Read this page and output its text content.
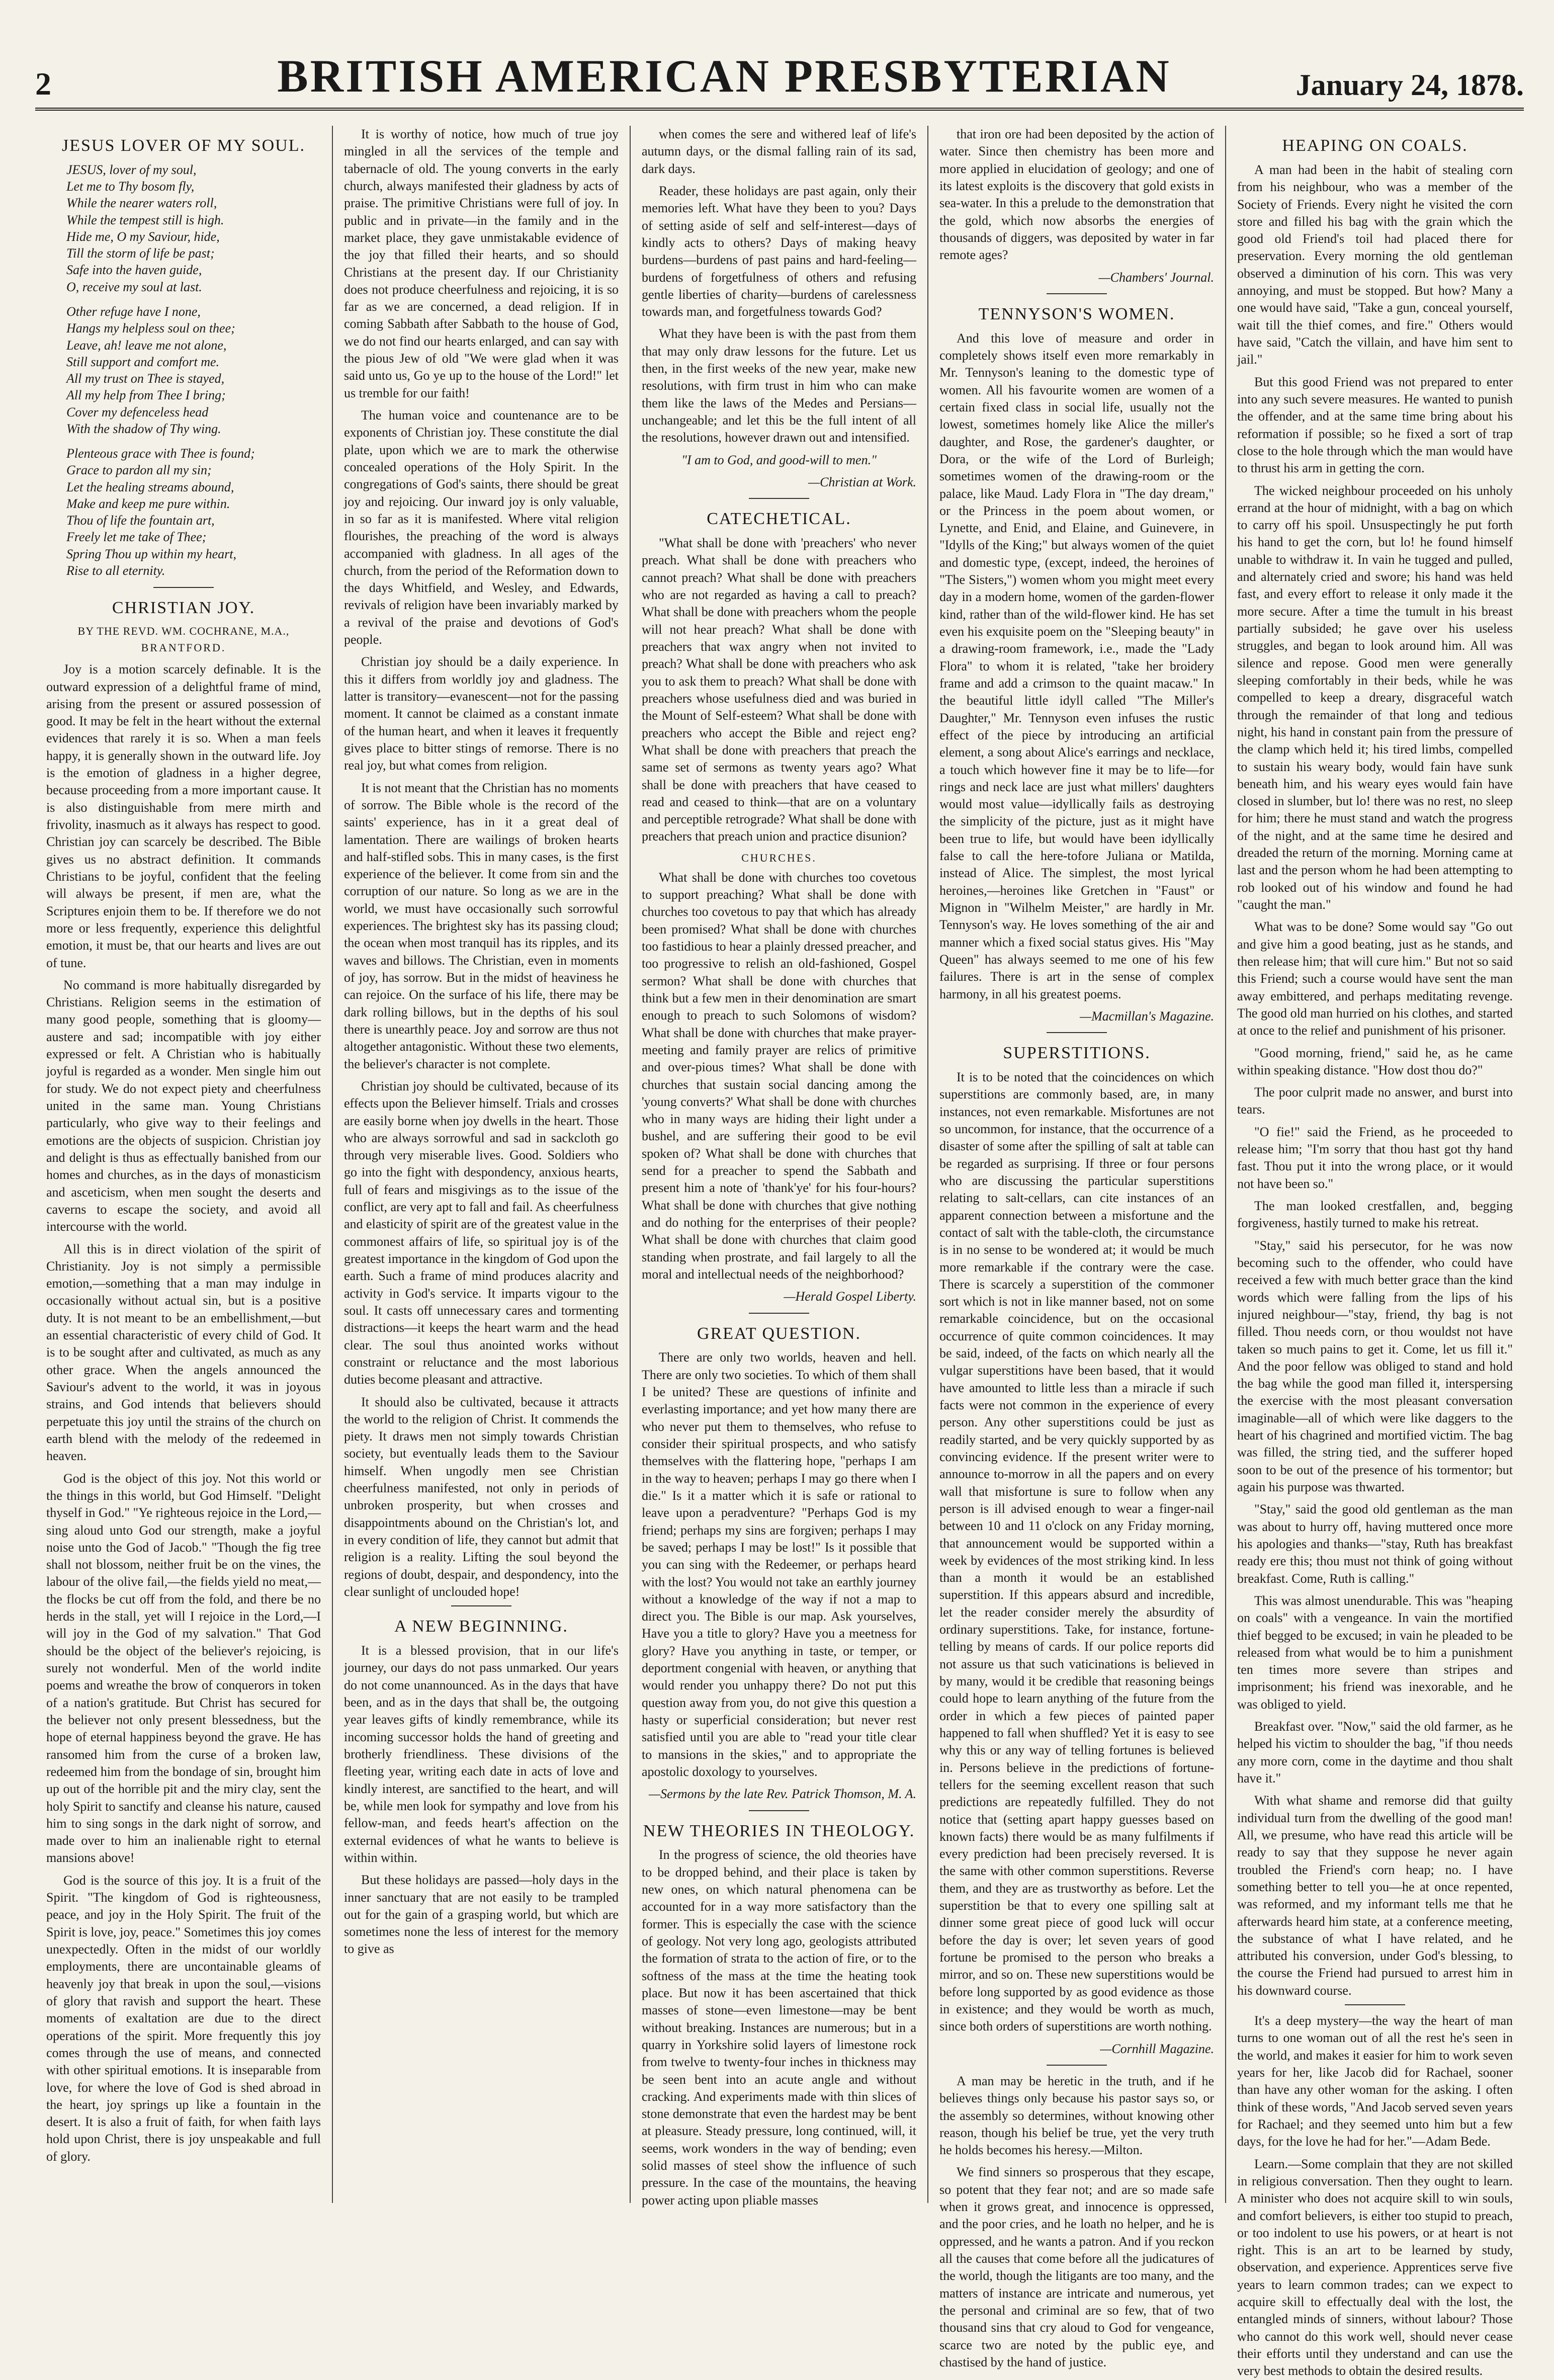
2	BRITISH AMERICAN PRESBYTERIAN	January 24, 1878.
JESUS LOVER OF MY SOUL.
JESUS, lover of my soul,
Let me to Thy bosom fly,
While the nearer waters roll,
While the tempest still is high.
Hide me, O my Saviour, hide,
Till the storm of life be past;
Safe into the haven guide,
O, receive my soul at last.
Other refuge have I none,
Hangs my helpless soul on thee;
Leave, ah! leave me not alone,
Still support and comfort me.
All my trust on Thee is stayed,
All my help from Thee I bring;
Cover my defenceless head
With the shadow of Thy wing.
Plenteous grace with Thee is found;
Grace to pardon all my sin;
Let the healing streams abound,
Make and keep me pure within.
Thou of life the fountain art,
Freely let me take of Thee;
Spring Thou up within my heart,
Rise to all eternity.
CHRISTIAN JOY.
BY THE REVD. WM. COCHRANE, M.A.,
BRANTFORD.

Joy is a motion scarcely definable. It is the outward expression of a delightful frame of mind, arising from the present or assured possession of good. It may be felt in the heart without the external evidences that rarely it is so. When a man feels happy, it is generally shown in the outward life. Joy is the emotion of gladness in a higher degree, because proceeding from a more important cause. It is also distinguishable from mere mirth and frivolity, inasmuch as it always has respect to good. Christian joy can scarcely be described. The Bible gives us no abstract definition. It commands Christians to be joyful, confident that the feeling will always be present, if men are, what the Scriptures enjoin them to be. If therefore we do not more or less frequently, experience this delightful emotion, it must be, that our hearts and lives are out of tune.

No command is more habitually disregarded by Christians. Religion seems in the estimation of many good people, something that is gloomy—austere and sad; incompatible with joy either expressed or felt. A Christian who is habitually joyful is regarded as a wonder. Men single him out for study. We do not expect piety and cheerfulness united in the same man. Young Christians particularly, who give way to their feelings and emotions are the objects of suspicion. Christian joy and delight is thus as effectually banished from our homes and churches, as in the days of monasticism and asceticism, when men sought the deserts and caverns to escape the society, and avoid all intercourse with the world.

All this is in direct violation of the spirit of Christianity. Joy is not simply a permissible emotion,—something that a man may indulge in occasionally without actual sin, but is a positive duty. It is not meant to be an embellishment,—but an essential characteristic of every child of God. It is to be sought after and cultivated, as much as any other grace. When the angels announced the Saviour's advent to the world, it was in joyous strains, and God intends that believers should perpetuate this joy until the strains of the church on earth blend with the melody of the redeemed in heaven.

God is the object of this joy. Not this world or the things in this world, but God Himself. "Delight thyself in God." "Ye righteous rejoice in the Lord,—sing aloud unto God our strength, make a joyful noise unto the God of Jacob." "Though the fig tree shall not blossom, neither fruit be on the vines, the labour of the olive fail,—the fields yield no meat,—the flocks be cut off from the fold, and there be no herds in the stall, yet will I rejoice in the Lord,—I will joy in the God of my salvation." That God should be the object of the believer's rejoicing, is surely not wonderful. Men of the world indite poems and wreathe the brow of conquerors in token of a nation's gratitude. But Christ has secured for the believer not only present blessedness, but the hope of eternal happiness beyond the grave. He has ransomed him from the curse of a broken law, redeemed him from the bondage of sin, brought him up out of the horrible pit and the miry clay, sent the holy Spirit to sanctify and cleanse his nature, caused him to sing songs in the dark night of sorrow, and made over to him an inalienable right to eternal mansions above!

God is the source of this joy. It is a fruit of the Spirit. "The kingdom of God is righteousness, peace, and joy in the Holy Spirit. The fruit of the Spirit is love, joy, peace." Sometimes this joy comes unexpectedly. Often in the midst of our worldly employments, there are uncontainable gleams of heavenly joy that break in upon the soul,—visions of glory that ravish and support the heart. These moments of exaltation are due to the direct operations of the spirit. More frequently this joy comes through the use of means, and connected with other spiritual emotions. It is inseparable from love, for where the love of God is shed abroad in the heart, joy springs up like a fountain in the desert. It is also a fruit of faith, for when faith lays hold upon Christ, there is joy unspeakable and full of glory.

It is worthy of notice, how much of true joy mingled in all the services of the temple and tabernacle of old. The young converts in the early church, always manifested their gladness by acts of praise. The primitive Christians were full of joy. In public and in private—in the family and in the market place, they gave unmistakable evidence of the joy that filled their hearts, and so should Christians at the present day. If our Christianity does not produce cheerfulness and rejoicing, it is so far as we are concerned, a dead religion. If in coming Sabbath after Sabbath to the house of God, we do not find our hearts enlarged, and can say with the pious Jew of old "We were glad when it was said unto us, Go ye up to the house of the Lord!" let us tremble for our faith!

The human voice and countenance are to be exponents of Christian joy. These constitute the dial plate, upon which we are to mark the otherwise concealed operations of the Holy Spirit. In the congregations of God's saints, there should be great joy and rejoicing. Our inward joy is only valuable, in so far as it is manifested. Where vital religion flourishes, the preaching of the word is always accompanied with gladness. In all ages of the church, from the period of the Reformation down to the days Whitfield, and Wesley, and Edwards, revivals of religion have been invariably marked by a revival of the praise and devotions of God's people.

Christian joy should be a daily experience. In this it differs from worldly joy and gladness. The latter is transitory—evanescent—not for the passing moment. It cannot be claimed as a constant inmate of the human heart, and when it leaves it frequently gives place to bitter stings of remorse. There is no real joy, but what comes from religion.

It is not meant that the Christian has no moments of sorrow. The Bible whole is the record of the saints' experience, has in it a great deal of lamentation. There are wailings of broken hearts and half-stifled sobs. This in many cases, is the first experience of the believer. It come from sin and the corruption of our nature. So long as we are in the world, we must have occasionally such sorrowful experiences. The brightest sky has its passing cloud; the ocean when most tranquil has its ripples, and its waves and billows. The Christian, even in moments of joy, has sorrow. But in the midst of heaviness he can rejoice. On the surface of his life, there may be dark rolling billows, but in the depths of his soul there is unearthly peace. Joy and sorrow are thus not altogether antagonistic. Without these two elements, the believer's character is not complete.

Christian joy should be cultivated, because of its effects upon the Believer himself. Trials and crosses are easily borne when joy dwells in the heart. Those who are always sorrowful and sad in sackcloth go through very miserable lives. Good. Soldiers who go into the fight with despondency, anxious hearts, full of fears and misgivings as to the issue of the conflict, are very apt to fall and fail. As cheerfulness and elasticity of spirit are of the greatest value in the commonest affairs of life, so spiritual joy is of the greatest importance in the kingdom of God upon the earth. Such a frame of mind produces alacrity and activity in God's service. It imparts vigour to the soul. It casts off unnecessary cares and tormenting distractions—it keeps the heart warm and the head clear. The soul thus anointed works without constraint or reluctance and the most laborious duties become pleasant and attractive.

It should also be cultivated, because it attracts the world to the religion of Christ. It commends the piety. It draws men not simply towards Christian society, but eventually leads them to the Saviour himself. When ungodly men see Christian cheerfulness manifested, not only in periods of unbroken prosperity, but when crosses and disappointments abound on the Christian's lot, and in every condition of life, they cannot but admit that religion is a reality. Lifting the soul beyond the regions of doubt, despair, and despondency, into the clear sunlight of unclouded hope!

A NEW BEGINNING.

It is a blessed provision, that in our life's journey, our days do not pass unmarked. Our years do not come unannounced. As in the days that have been, and as in the days that shall be, the outgoing year leaves gifts of kindly remembrance, while its incoming successor holds the hand of greeting and brotherly friendliness. These divisions of the fleeting year, writing each date in acts of love and kindly interest, are sanctified to the heart, and will be, while men look for sympathy and love from his fellow-man, and feeds heart's affection on the external evidences of what he wants to believe is within within.

But these holidays are passed—holy days in the inner sanctuary that are not easily to be trampled out for the gain of a grasping world, but which are sometimes none the less of interest for the memory to give as

when comes the sere and withered leaf of life's autumn days, or the dismal falling rain of its sad, dark days.

Reader, these holidays are past again, only their memories left. What have they been to you? Days of setting aside of self and self-interest—days of kindly acts to others? Days of making heavy burdens—burdens of past pains and hard-feeling—burdens of forgetfulness of others and refusing gentle liberties of charity—burdens of carelessness towards man, and forgetfulness towards God?

What they have been is with the past from them that may only draw lessons for the future. Let us then, in the first weeks of the new year, make new resolutions, with firm trust in him who can make them like the laws of the Medes and Persians—unchangeable; and let this be the full intent of all the resolutions, however drawn out and intensified.

"I am to God, and good-will to men."

—Christian at Work.
CATECHETICAL.

"What shall be done with 'preachers' who never preach. What shall be done with preachers who cannot preach? What shall be done with preachers who are not regarded as having a call to preach? What shall be done with preachers whom the people will not hear preach? What shall be done with preachers that wax angry when not invited to preach? What shall be done with preachers who ask you to ask them to preach? What shall be done with preachers whose usefulness died and was buried in the Mount of Self-esteem? What shall be done with preachers who accept the Bible and reject eng? What shall be done with preachers that preach the same set of sermons as twenty years ago? What shall be done with preachers that have ceased to read and ceased to think—that are on a voluntary and perceptible retrograde? What shall be done with preachers that preach union and practice disunion?

CHURCHES.

What shall be done with churches too covetous to support preaching? What shall be done with churches too covetous to pay that which has already been promised? What shall be done with churches too fastidious to hear a plainly dressed preacher, and too progressive to relish an old-fashioned, Gospel sermon? What shall be done with churches that think but a few men in their denomination are smart enough to preach to such Solomons of wisdom? What shall be done with churches that make prayer-meeting and family prayer are relics of primitive and over-pious times? What shall be done with churches that sustain social dancing among the 'young converts?' What shall be done with churches who in many ways are hiding their light under a bushel, and are suffering their good to be evil spoken of? What shall be done with churches that send for a preacher to spend the Sabbath and present him a note of 'thank'ye' for his four-hours? What shall be done with churches that give nothing and do nothing for the enterprises of their people? What shall be done with churches that claim good standing when prostrate, and fail largely to all the moral and intellectual needs of the neighborhood?

—Herald Gospel Liberty.
GREAT QUESTION.

There are only two worlds, heaven and hell. There are only two societies. To which of them shall I be united? These are questions of infinite and everlasting importance; and yet how many there are who never put them to themselves, who refuse to consider their spiritual prospects, and who satisfy themselves with the flattering hope, "perhaps I am in the way to heaven; perhaps I may go there when I die." Is it a matter which it is safe or rational to leave upon a peradventure? "Perhaps God is my friend; perhaps my sins are forgiven; perhaps I may be saved; perhaps I may be lost!" Is it possible that you can sing with the Redeemer, or perhaps heard with the lost? You would not take an earthly journey without a knowledge of the way if not a map to direct you. The Bible is our map. Ask yourselves, Have you a title to glory? Have you a meetness for glory? Have you anything in taste, or temper, or deportment congenial with heaven, or anything that would render you unhappy there? Do not put this question away from you, do not give this question a hasty or superficial consideration; but never rest satisfied until you are able to "read your title clear to mansions in the skies," and to appropriate the apostolic doxology to yourselves.

—Sermons by the late Rev. Patrick Thomson, M. A.
NEW THEORIES IN THEOLOGY.

In the progress of science, the old theories have to be dropped behind, and their place is taken by new ones, on which natural phenomena can be accounted for in a way more satisfactory than the former. This is especially the case with the science of geology. Not very long ago, geologists attributed the formation of strata to the action of fire, or to the softness of the mass at the time the heating took place. But now it has been ascertained that thick masses of stone—even limestone—may be bent without breaking. Instances are numerous; but in a quarry in Yorkshire solid layers of limestone rock from twelve to twenty-four inches in thickness may be seen bent into an acute angle and without cracking. And experiments made with thin slices of stone demonstrate that even the hardest may be bent at pleasure. Steady pressure, long continued, will, it seems, work wonders in the way of bending; even solid masses of steel show the influence of such pressure. In the case of the mountains, the heaving power acting upon pliable masses

that iron ore had been deposited by the action of water. Since then chemistry has been more and more applied in elucidation of geology; and one of its latest exploits is the discovery that gold exists in sea-water. In this a prelude to the demonstration that the gold, which now absorbs the energies of thousands of diggers, was deposited by water in far remote ages?

—Chambers' Journal.
TENNYSON'S WOMEN.

And this love of measure and order in completely shows itself even more remarkably in Mr. Tennyson's leaning to the domestic type of women. All his favourite women are women of a certain fixed class in social life, usually not the lowest, sometimes homely like Alice the miller's daughter, and Rose, the gardener's daughter, or Dora, or the wife of the Lord of Burleigh; sometimes women of the drawing-room or the palace, like Maud. Lady Flora in "The day dream," or the Princess in the poem about women, or Lynette, and Enid, and Elaine, and Guinevere, in "Idylls of the King;" but always women of the quiet and domestic type, (except, indeed, the heroines of "The Sisters,") women whom you might meet every day in a modern home, women of the garden-flower kind, rather than of the wild-flower kind. He has set even his exquisite poem on the "Sleeping beauty" in a drawing-room framework, i.e., made the "Lady Flora" to whom it is related, "take her broidery frame and add a crimson to the quaint macaw." In the beautiful little idyll called "The Miller's Daughter," Mr. Tennyson even infuses the rustic effect of the piece by introducing an artificial element, a song about Alice's earrings and necklace, a touch which however fine it may be to life—for rings and neck lace are just what millers' daughters would most value—idyllically fails as destroying the simplicity of the picture, just as it might have been true to life, but would have been idyllically false to call the here-tofore Juliana or Matilda, instead of Alice. The simplest, the most lyrical heroines,—heroines like Gretchen in "Faust" or Mignon in "Wilhelm Meister," are hardly in Mr. Tennyson's way. He loves something of the air and manner which a fixed social status gives. His "May Queen" has always seemed to me one of his few failures. There is art in the sense of complex harmony, in all his greatest poems.

—Macmillan's Magazine.
SUPERSTITIONS.

It is to be noted that the coincidences on which superstitions are commonly based, are, in many instances, not even remarkable. Misfortunes are not so uncommon, for instance, that the occurrence of a disaster of some after the spilling of salt at table can be regarded as surprising. If three or four persons who are discussing the particular superstitions relating to salt-cellars, can cite instances of an apparent connection between a misfortune and the contact of salt with the table-cloth, the circumstance is in no sense to be wondered at; it would be much more remarkable if the contrary were the case. There is scarcely a superstition of the commoner sort which is not in like manner based, not on some remarkable coincidence, but on the occasional occurrence of quite common coincidences. It may be said, indeed, of the facts on which nearly all the vulgar superstitions have been based, that it would have amounted to little less than a miracle if such facts were not common in the experience of every person. Any other superstitions could be just as readily started, and be very quickly supported by as convincing evidence. If the present writer were to announce to-morrow in all the papers and on every wall that misfortune is sure to follow when any person is ill advised enough to wear a finger-nail between 10 and 11 o'clock on any Friday morning, that announcement would be supported within a week by evidences of the most striking kind. In less than a month it would be an established superstition. If this appears absurd and incredible, let the reader consider merely the absurdity of ordinary superstitions. Take, for instance, fortune-telling by means of cards. If our police reports did not assure us that such vaticinations is believed in by many, would it be credible that reasoning beings could hope to learn anything of the future from the order in which a few pieces of painted paper happened to fall when shuffled? Yet it is easy to see why this or any way of telling fortunes is believed in. Persons believe in the predictions of fortune-tellers for the seeming excellent reason that such predictions are repeatedly fulfilled. They do not notice that (setting apart happy guesses based on known facts) there would be as many fulfilments if every prediction had been precisely reversed. It is the same with other common superstitions. Reverse them, and they are as trustworthy as before. Let the superstition be that to every one spilling salt at dinner some great piece of good luck will occur before the day is over; let seven years of good fortune be promised to the person who breaks a mirror, and so on. These new superstitions would be before long supported by as good evidence as those in existence; and they would be worth as much, since both orders of superstitions are worth nothing.

—Cornhill Magazine.

A man may be heretic in the truth, and if he believes things only because his pastor says so, or the assembly so determines, without knowing other reason, though his belief be true, yet the very truth he holds becomes his heresy.—Milton.

We find sinners so prosperous that they escape, so potent that they fear not; and are so made safe when it grows great, and innocence is oppressed, and the poor cries, and he loath no helper, and he is oppressed, and he wants a patron. And if you reckon all the causes that come before all the judicatures of the world, though the litigants are too many, and the matters of instance are intricate and numerous, yet the personal and criminal are so few, that of two thousand sins that cry aloud to God for vengeance, scarce two are noted by the public eye, and chastised by the hand of justice.

HEAPING ON COALS.

A man had been in the habit of stealing corn from his neighbour, who was a member of the Society of Friends. Every night he visited the corn store and filled his bag with the grain which the good old Friend's toil had placed there for preservation. Every morning the old gentleman observed a diminution of his corn. This was very annoying, and must be stopped. But how? Many a one would have said, "Take a gun, conceal yourself, wait till the thief comes, and fire." Others would have said, "Catch the villain, and have him sent to jail."

But this good Friend was not prepared to enter into any such severe measures. He wanted to punish the offender, and at the same time bring about his reformation if possible; so he fixed a sort of trap close to the hole through which the man would have to thrust his arm in getting the corn.

The wicked neighbour proceeded on his unholy errand at the hour of midnight, with a bag on which to carry off his spoil. Unsuspectingly he put forth his hand to get the corn, but lo! he found himself unable to withdraw it. In vain he tugged and pulled, and alternately cried and swore; his hand was held fast, and every effort to release it only made it the more secure. After a time the tumult in his breast partially subsided; he gave over his useless struggles, and began to look around him. All was silence and repose. Good men were generally sleeping comfortably in their beds, while he was compelled to keep a dreary, disgraceful watch through the remainder of that long and tedious night, his hand in constant pain from the pressure of the clamp which held it; his tired limbs, compelled to sustain his weary body, would fain have sunk beneath him, and his weary eyes would fain have closed in slumber, but lo! there was no rest, no sleep for him; there he must stand and watch the progress of the night, and at the same time he desired and dreaded the return of the morning. Morning came at last and the person whom he had been attempting to rob looked out of his window and found he had "caught the man."

What was to be done? Some would say "Go out and give him a good beating, just as he stands, and then release him; that will cure him." But not so said this Friend; such a course would have sent the man away embittered, and perhaps meditating revenge. The good old man hurried on his clothes, and started at once to the relief and punishment of his prisoner.

"Good morning, friend," said he, as he came within speaking distance. "How dost thou do?"

The poor culprit made no answer, and burst into tears.

"O fie!" said the Friend, as he proceeded to release him; "I'm sorry that thou hast got thy hand fast. Thou put it into the wrong place, or it would not have been so."

The man looked crestfallen, and, begging forgiveness, hastily turned to make his retreat.

"Stay," said his persecutor, for he was now becoming such to the offender, who could have received a few with much better grace than the kind words which were falling from the lips of his injured neighbour—"stay, friend, thy bag is not filled. Thou needs corn, or thou wouldst not have taken so much pains to get it. Come, let us fill it." And the poor fellow was obliged to stand and hold the bag while the good man filled it, interspersing the exercise with the most pleasant conversation imaginable—all of which were like daggers to the heart of his chagrined and mortified victim. The bag was filled, the string tied, and the sufferer hoped soon to be out of the presence of his tormentor; but again his purpose was thwarted.

"Stay," said the good old gentleman as the man was about to hurry off, having muttered once more his apologies and thanks—"stay, Ruth has breakfast ready ere this; thou must not think of going without breakfast. Come, Ruth is calling."

This was almost unendurable. This was "heaping on coals" with a vengeance. In vain the mortified thief begged to be excused; in vain he pleaded to be released from what would be to him a punishment ten times more severe than stripes and imprisonment; his friend was inexorable, and he was obliged to yield.

Breakfast over. "Now," said the old farmer, as he helped his victim to shoulder the bag, "if thou needs any more corn, come in the daytime and thou shalt have it."

With what shame and remorse did that guilty individual turn from the dwelling of the good man! All, we presume, who have read this article will be ready to say that they suppose he never again troubled the Friend's corn heap; no. I have something better to tell you—he at once repented, was reformed, and my informant tells me that he afterwards heard him state, at a conference meeting, the substance of what I have related, and he attributed his conversion, under God's blessing, to the course the Friend had pursued to arrest him in his downward course.

It's a deep mystery—the way the heart of man turns to one woman out of all the rest he's seen in the world, and makes it easier for him to work seven years for her, like Jacob did for Rachael, sooner than have any other woman for the asking. I often think of these words, "And Jacob served seven years for Rachael; and they seemed unto him but a few days, for the love he had for her."—Adam Bede.

Learn.—Some complain that they are not skilled in religious conversation. Then they ought to learn. A minister who does not acquire skill to win souls, and comfort believers, is either too stupid to preach, or too indolent to use his powers, or at heart is not right. This is an art to be learned by study, observation, and experience. Apprentices serve five years to learn common trades; can we expect to acquire skill to effectually deal with the lost, the entangled minds of sinners, without labour? Those who cannot do this work well, should never cease their efforts until they understand and can use the very best methods to obtain the desired results.
